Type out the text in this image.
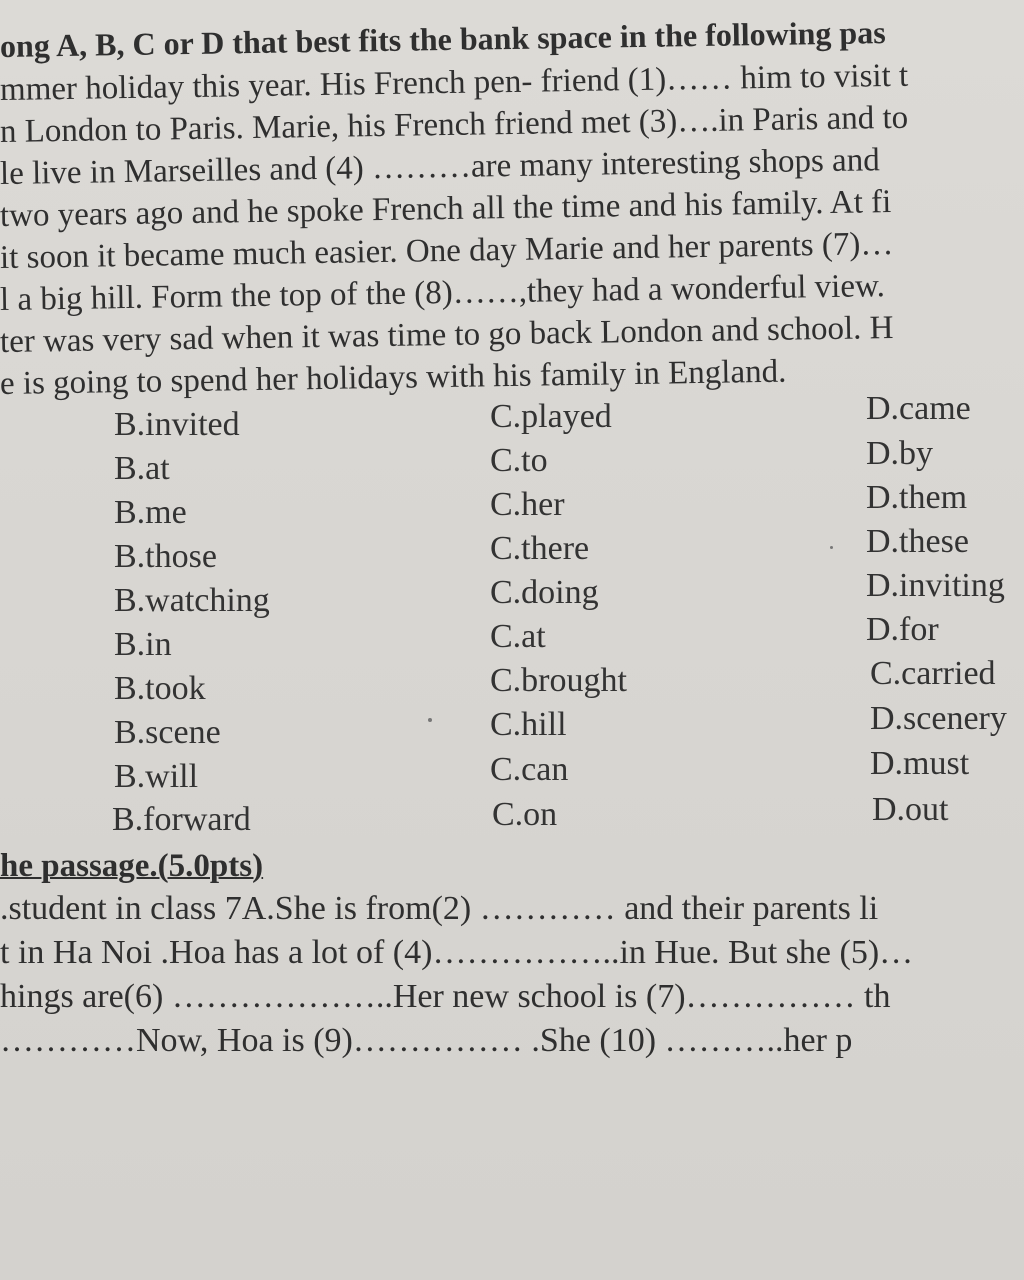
ong A, B, C or D that best fits the bank space in the following pas
mmer holiday this year. His French pen- friend (1)…… him to visit t
n London to Paris. Marie, his French friend met (3)….in Paris and to
le live in Marseilles and (4) ………are many interesting shops and
two years ago and he spoke French all the time and his family. At fi
it soon it became much easier. One day Marie and her parents (7)…
l a big hill. Form the top of the (8)……,they had a wonderful view.
ter was very sad when it was time to go back London and school. H
e is going to spend her holidays with his family in England.
B.invited	C.played	D.came
B.at	C.to	D.by
B.me	C.her	D.them
B.those	C.there	D.these
B.watching	C.doing	D.inviting
B.in	C.at	D.for
B.took	C.brought	C.carried
B.scene	C.hill	D.scenery
B.will	C.can	D.must
B.forward	C.on	D.out
he passage.(5.0pts)
.student in class 7A.She is from(2) ………… and their parents li
t in Ha Noi .Hoa has a lot of (4)……………..in Hue. But she (5)…
hings are(6) ………………..Her new school is (7)…………… th
…………Now, Hoa is (9)…………… .She (10) ………..her p
